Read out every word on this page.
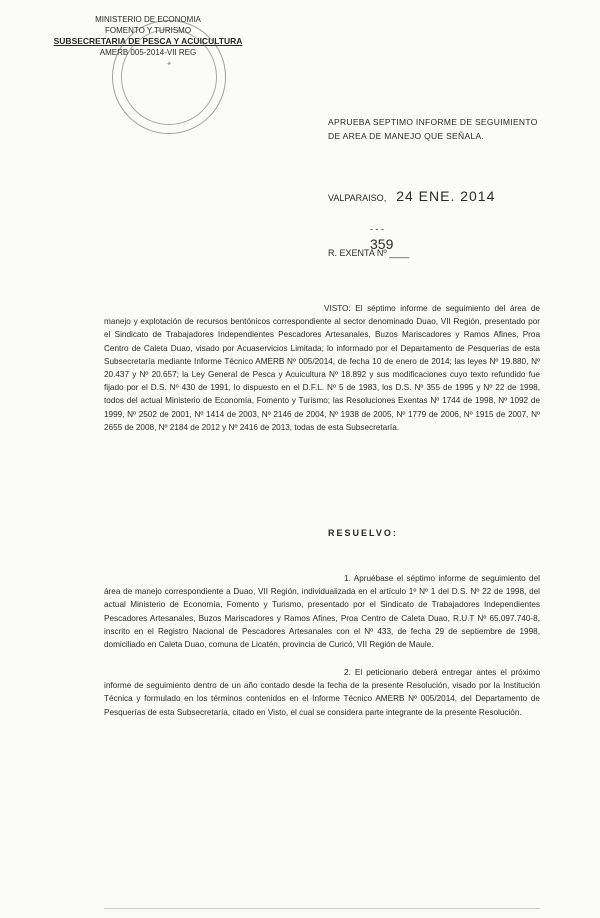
MINISTERIO DE ECONOMIA
FOMENTO Y TURISMO
SUBSECRETARIA DE PESCA Y ACUICULTURA
AMERB 005-2014-VII REG
✦
APRUEBA SEPTIMO INFORME DE SEGUIMIENTO DE AREA DE MANEJO QUE SEÑALA.
VALPARAISO, 24 ENE. 2014
R. EXENTA Nº ____
- - -
359

VISTO: El séptimo informe de seguimiento del área de manejo y explotación de recursos bentónicos correspondiente al sector denominado Duao, VII Región, presentado por el Sindicato de Trabajadores Independientes Pescadores Artesanales, Buzos Mariscadores y Ramos Afines, Proa Centro de Caleta Duao, visado por Acuaservicios Limitada; lo informado por el Departamento de Pesquerías de esta Subsecretaría mediante Informe Técnico AMERB Nº 005/2014, de fecha 10 de enero de 2014; las leyes Nº 19.880, Nº 20.437 y Nº 20.657; la Ley General de Pesca y Acuicultura Nº 18.892 y sus modificaciones cuyo texto refundido fue fijado por el D.S. Nº 430 de 1991, lo dispuesto en el D.F.L. Nº 5 de 1983, los D.S. Nº 355 de 1995 y Nº 22 de 1998, todos del actual Ministerio de Economía, Fomento y Turismo; las Resoluciones Exentas Nº 1744 de 1998, Nº 1092 de 1999, Nº 2502 de 2001, Nº 1414 de 2003, Nº 2146 de 2004, Nº 1938 de 2005, Nº 1779 de 2006, Nº 1915 de 2007, Nº 2655 de 2008, Nº 2184 de 2012 y Nº 2416 de 2013, todas de esta Subsecretaría.

RESUELVO:

1. Apruébase el séptimo informe de seguimiento del área de manejo correspondiente a Duao, VII Región, individualizada en el artículo 1º Nº 1 del D.S. Nº 22 de 1998, del actual Ministerio de Economía, Fomento y Turismo, presentado por el Sindicato de Trabajadores Independientes Pescadores Artesanales, Buzos Mariscadores y Ramos Afines, Proa Centro de Caleta Duao, R.U.T Nº 65.097.740-8, inscrito en el Registro Nacional de Pescadores Artesanales con el Nº 433, de fecha 29 de septiembre de 1998, domiciliado en Caleta Duao, comuna de Licatén, provincia de Curicó, VII Región de Maule.

2. El peticionario deberá entregar antes el próximo informe de seguimiento dentro de un año contado desde la fecha de la presente Resolución, visado por la Institución Técnica y formulado en los términos contenidos en el Informe Técnico AMERB Nº 005/2014, del Departamento de Pesquerías de esta Subsecretaría, citado en Visto, el cual se considera parte integrante de la presente Resolución.
